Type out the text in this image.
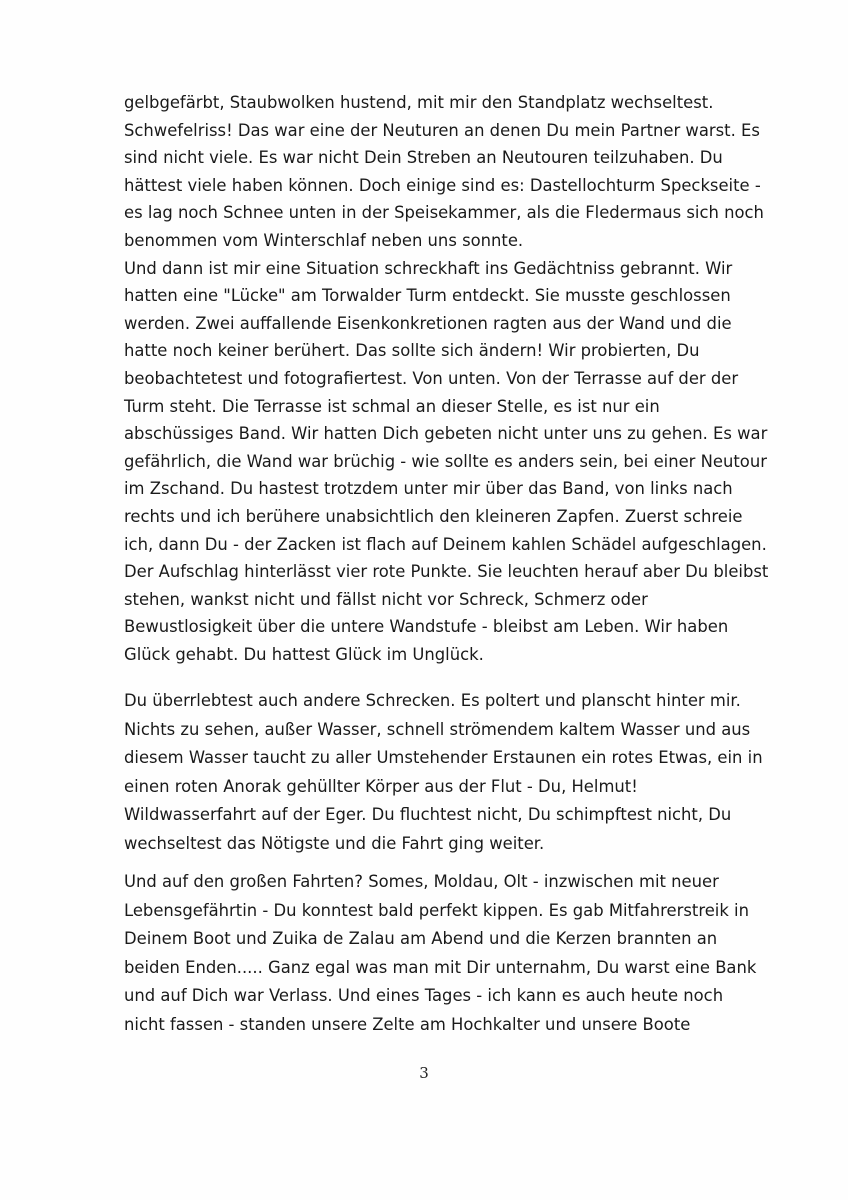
gelbgefärbt, Staubwolken hustend, mit mir den Standplatz wechseltest.
Schwefelriss! Das war eine der Neuturen an denen Du mein Partner warst. Es
sind nicht viele. Es war nicht Dein Streben an Neutouren teilzuhaben. Du
hättest viele haben können. Doch einige sind es: Dastellochturm Speckseite -
es lag noch Schnee unten in der Speisekammer, als die Fledermaus sich noch
benommen vom Winterschlaf neben uns sonnte.
Und dann ist mir eine Situation schreckhaft ins Gedächtniss gebrannt. Wir
hatten eine "Lücke" am Torwalder Turm entdeckt. Sie musste geschlossen
werden. Zwei auffallende Eisenkonkretionen ragten aus der Wand und die
hatte noch keiner berühert. Das sollte sich ändern! Wir probierten, Du
beobachtetest und fotografiertest. Von unten. Von der Terrasse auf der der
Turm steht. Die Terrasse ist schmal an dieser Stelle, es ist nur ein
abschüssiges Band. Wir hatten Dich gebeten nicht unter uns zu gehen. Es war
gefährlich, die Wand war brüchig - wie sollte es anders sein, bei einer Neutour
im Zschand. Du hastest trotzdem unter mir über das Band, von links nach
rechts und ich berühere unabsichtlich den kleineren Zapfen. Zuerst schreie
ich, dann Du - der Zacken ist flach auf Deinem kahlen Schädel aufgeschlagen.
Der Aufschlag hinterlässt vier rote Punkte. Sie leuchten herauf aber Du bleibst
stehen, wankst nicht und fällst nicht vor Schreck, Schmerz oder
Bewustlosigkeit über die untere Wandstufe - bleibst am Leben. Wir haben
Glück gehabt. Du hattest Glück im Unglück.
Du überrlebtest auch andere Schrecken. Es poltert und planscht hinter mir.
Nichts zu sehen, außer Wasser, schnell strömendem kaltem Wasser und aus
diesem Wasser taucht zu aller Umstehender Erstaunen ein rotes Etwas, ein in
einen roten Anorak gehüllter Körper aus der Flut - Du, Helmut!
Wildwasserfahrt auf der Eger. Du fluchtest nicht, Du schimpftest nicht, Du
wechseltest das Nötigste und die Fahrt ging weiter.
Und auf den großen Fahrten? Somes, Moldau, Olt - inzwischen mit neuer
Lebensgefährtin - Du konntest bald perfekt kippen. Es gab Mitfahrerstreik in
Deinem Boot und Zuika de Zalau am Abend und die Kerzen brannten an
beiden Enden..... Ganz egal was man mit Dir unternahm, Du warst eine Bank
und auf Dich war Verlass. Und eines Tages - ich kann es auch heute noch
nicht fassen - standen unsere Zelte am Hochkalter und unsere Boote
3
